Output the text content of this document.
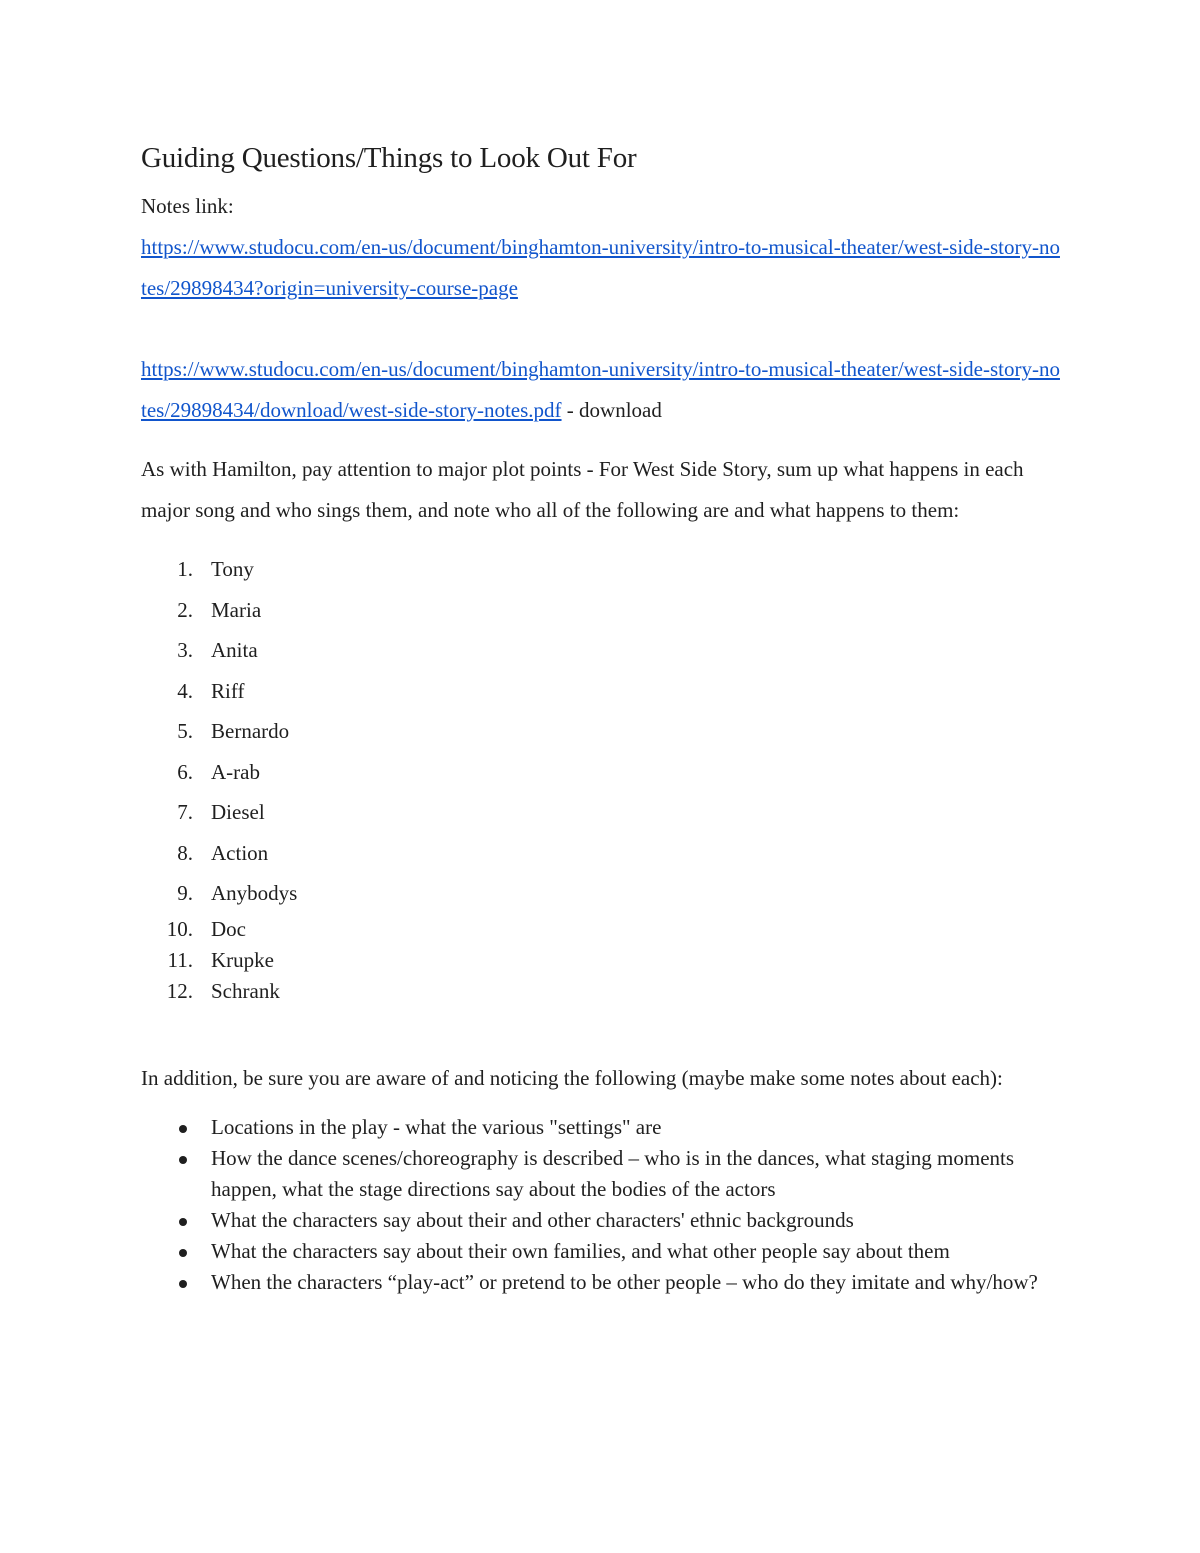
Guiding Questions/Things to Look Out For

Notes link:

https://www.studocu.com/en-us/document/binghamton-university/intro-to-musical-theater/west-side-story-notes/29898434?origin=university-course-page

https://www.studocu.com/en-us/document/binghamton-university/intro-to-musical-theater/west-side-story-notes/29898434/download/west-side-story-notes.pdf - download

As with Hamilton, pay attention to major plot points - For West Side Story, sum up what happens in each major song and who sings them, and note who all of the following are and what happens to them:

1. Tony
2. Maria
3. Anita
4. Riff
5. Bernardo
6. A-rab
7. Diesel
8. Action
9. Anybodys
10. Doc
11. Krupke
12. Schrank

In addition, be sure you are aware of and noticing the following (maybe make some notes about each):

Locations in the play - what the various "settings" are
How the dance scenes/choreography is described – who is in the dances, what staging moments happen, what the stage directions say about the bodies of the actors
What the characters say about their and other characters' ethnic backgrounds
What the characters say about their own families, and what other people say about them
When the characters “play-act” or pretend to be other people – who do they imitate and why/how?
